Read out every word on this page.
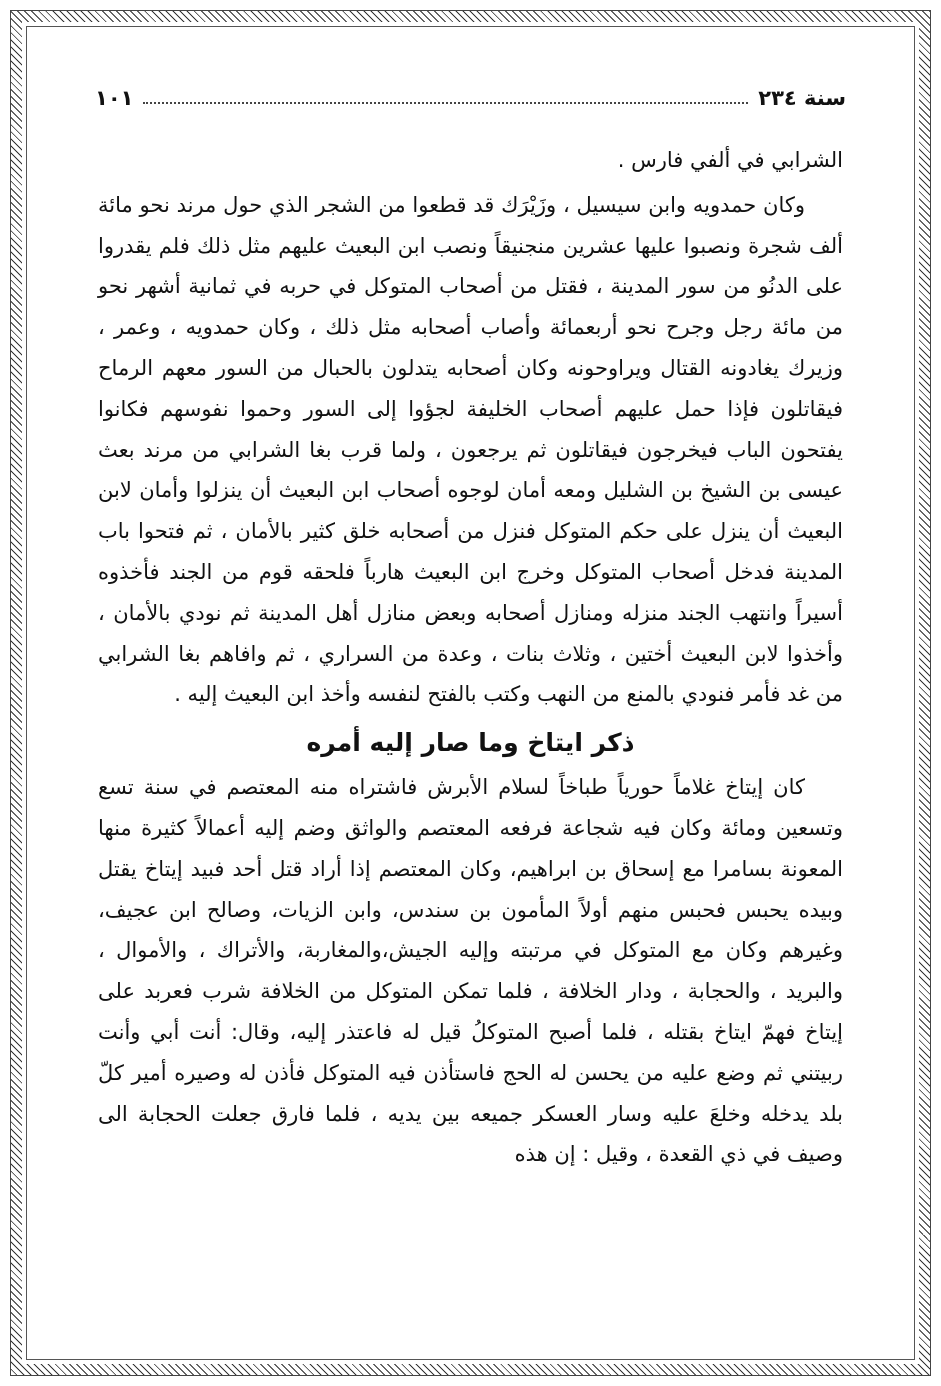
سنة ٢٣٤
١٠١

الشرابي في ألفي فارس .

وكان حمدويه وابن سيسيل ، وزَيْرَك قد قطعوا من الشجر الذي حول مرند نحو مائة ألف شجرة ونصبوا عليها عشرين منجنيقاً ونصب ابن البعيث عليهم مثل ذلك فلم يقدروا على الدنُو من سور المدينة ، فقتل من أصحاب المتوكل في حربه في ثمانية أشهر نحو من مائة رجل وجرح نحو أربعمائة وأصاب أصحابه مثل ذلك ، وكان حمدويه ، وعمر ، وزيرك يغادونه القتال ويراوحونه وكان أصحابه يتدلون بالحبال من السور معهم الرماح فيقاتلون فإذا حمل عليهم أصحاب الخليفة لجؤوا إلى السور وحموا نفوسهم فكانوا يفتحون الباب فيخرجون فيقاتلون ثم يرجعون ، ولما قرب بغا الشرابي من مرند بعث عيسى بن الشيخ بن الشليل ومعه أمان لوجوه أصحاب ابن البعيث أن ينزلوا وأمان لابن البعيث أن ينزل على حكم المتوكل فنزل من أصحابه خلق كثير بالأمان ، ثم فتحوا باب المدينة فدخل أصحاب المتوكل وخرج ابن البعيث هارباً فلحقه قوم من الجند فأخذوه أسيراً وانتهب الجند منزله ومنازل أصحابه وبعض منازل أهل المدينة ثم نودي بالأمان ، وأخذوا لابن البعيث أختين ، وثلاث بنات ، وعدة من السراري ، ثم وافاهم بغا الشرابي من غد فأمر فنودي بالمنع من النهب وكتب بالفتح لنفسه وأخذ ابن البعيث إليه .

ذكر ايتاخ وما صار إليه أمره

كان إيتاخ غلاماً حورياً طباخاً لسلام الأبرش فاشتراه منه المعتصم في سنة تسع وتسعين ومائة وكان فيه شجاعة فرفعه المعتصم والواثق وضم إليه أعمالاً كثيرة منها المعونة بسامرا مع إسحاق بن ابراهيم، وكان المعتصم إذا أراد قتل أحد فبيد إيتاخ يقتل وبيده يحبس فحبس منهم أولاً المأمون بن سندس، وابن الزيات، وصالح ابن عجيف، وغيرهم وكان مع المتوكل في مرتبته وإليه الجيش،والمغاربة، والأتراك ، والأموال ، والبريد ، والحجابة ، ودار الخلافة ، فلما تمكن المتوكل من الخلافة شرب فعربد على إيتاخ فهمّ ايتاخ بقتله ، فلما أصبح المتوكلُ قيل له فاعتذر إليه، وقال: أنت أبي وأنت ربيتني ثم وضع عليه من يحسن له الحج فاستأذن فيه المتوكل فأذن له وصيره أمير كلّ بلد يدخله وخلعَ عليه وسار العسكر جميعه بين يديه ، فلما فارق جعلت الحجابة الى وصيف في ذي القعدة ، وقيل : إن هذه
